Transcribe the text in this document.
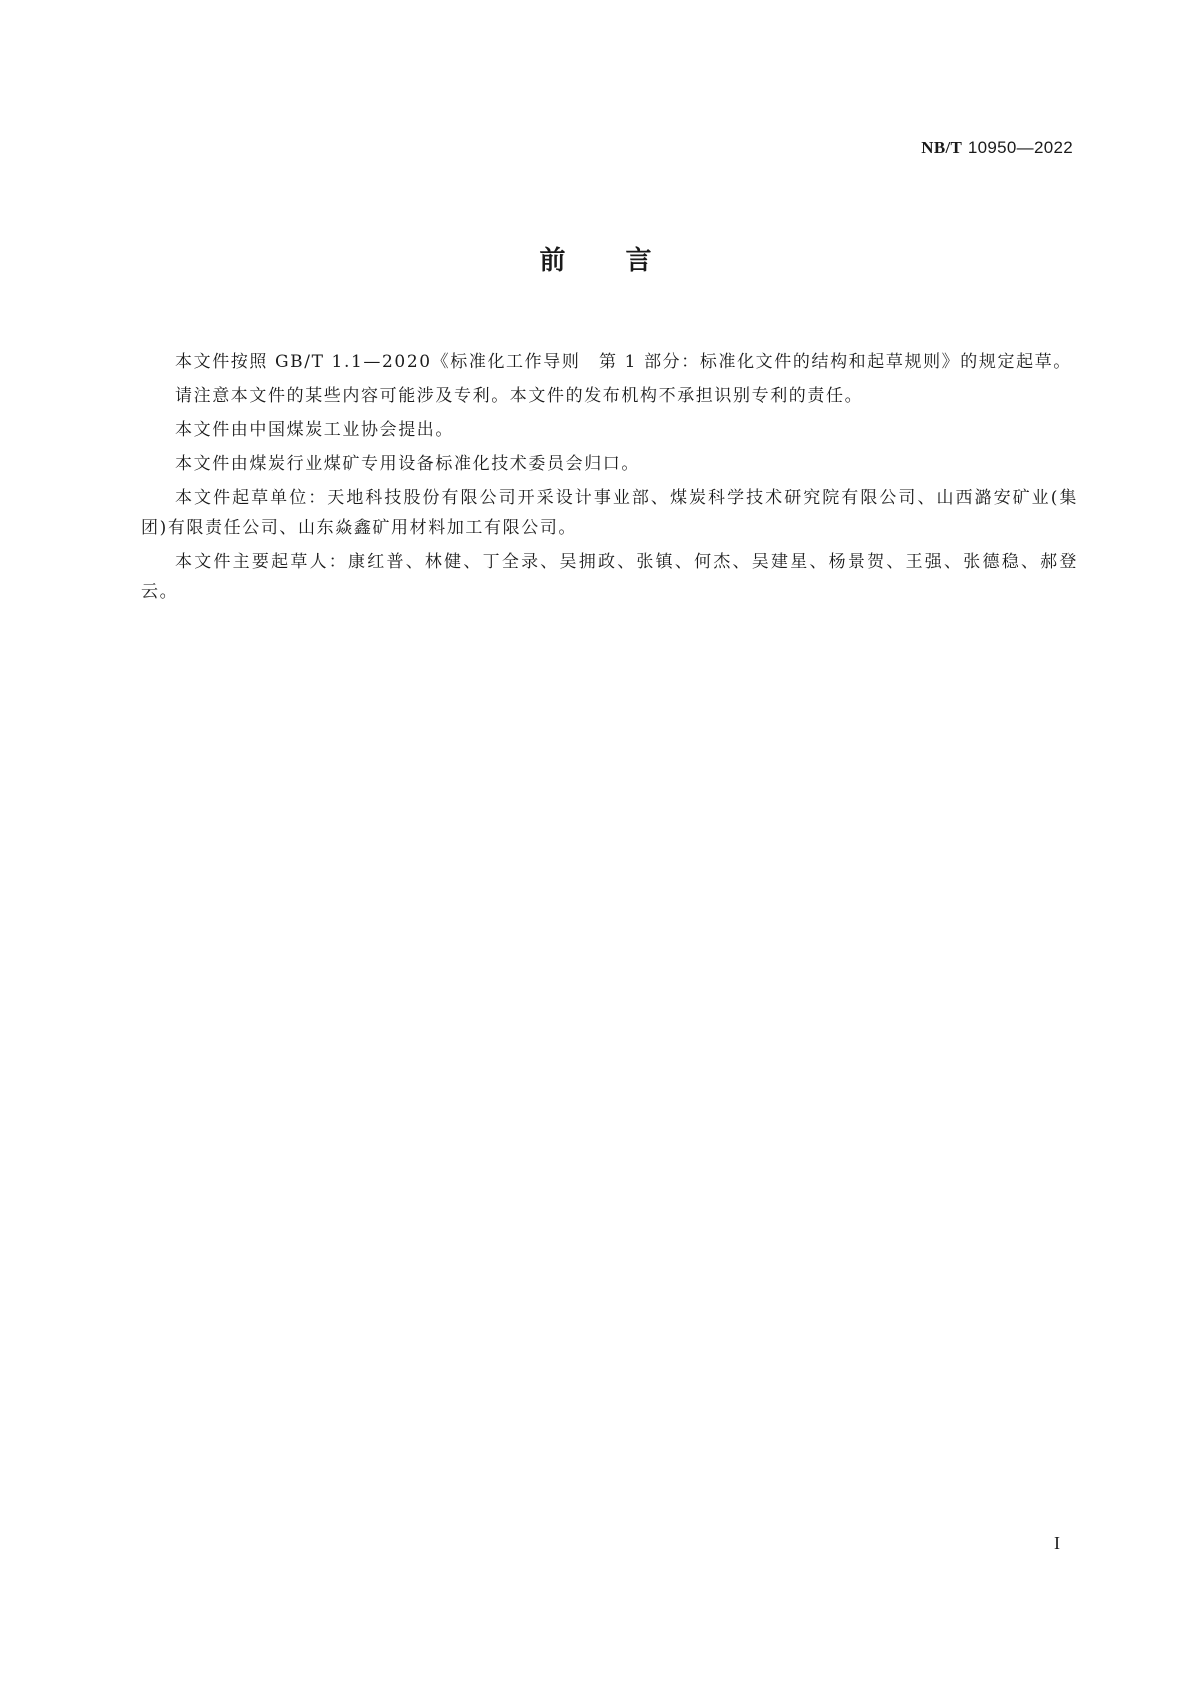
NB/T 10950—2022
前言

本文件按照 GB/T 1.1—2020《标准化工作导则　第 1 部分：标准化文件的结构和起草规则》的规定起草。

请注意本文件的某些内容可能涉及专利。本文件的发布机构不承担识别专利的责任。

本文件由中国煤炭工业协会提出。

本文件由煤炭行业煤矿专用设备标准化技术委员会归口。

本文件起草单位：天地科技股份有限公司开采设计事业部、煤炭科学技术研究院有限公司、山西潞安矿业(集团)有限责任公司、山东焱鑫矿用材料加工有限公司。

本文件主要起草人：康红普、林健、丁全录、吴拥政、张镇、何杰、吴建星、杨景贺、王强、张德稳、郝登云。

I
